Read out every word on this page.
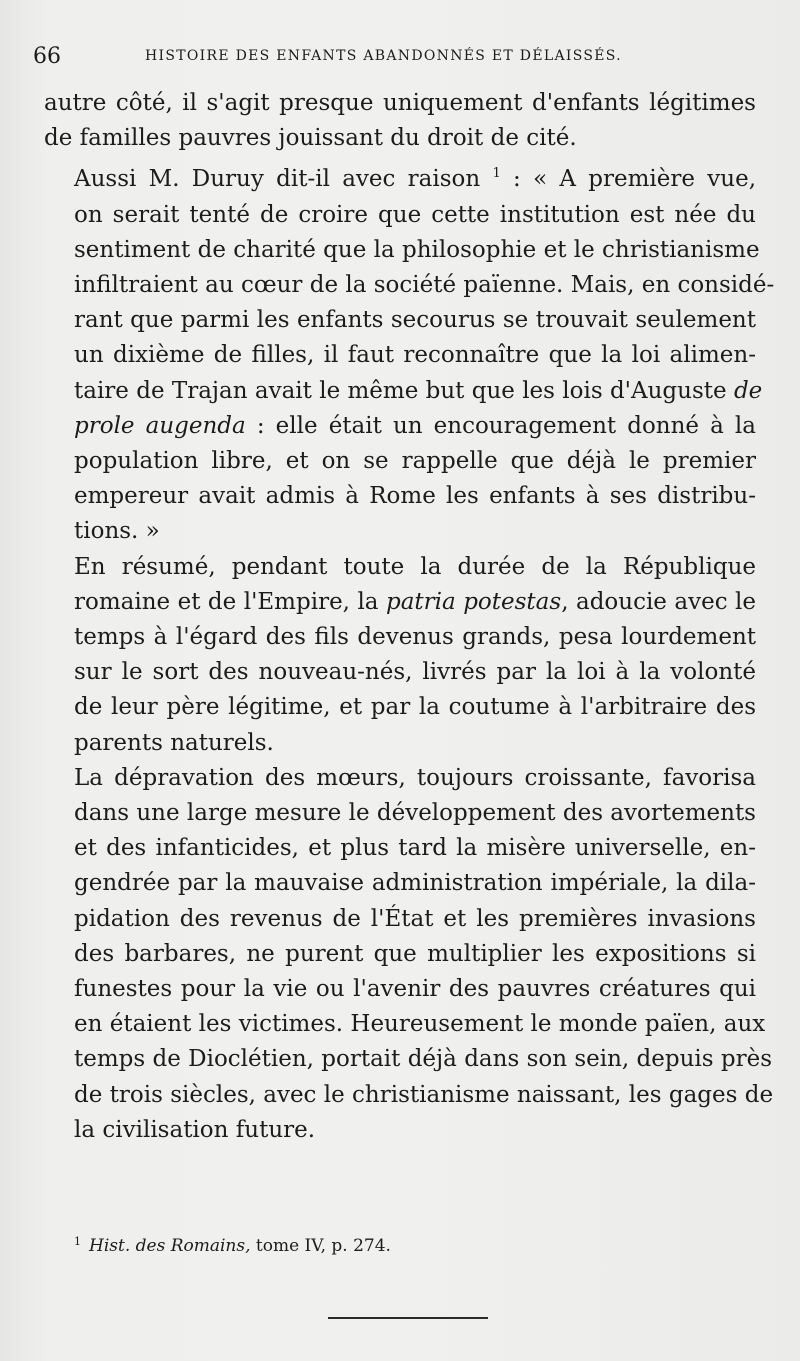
66	HISTOIRE DES ENFANTS ABANDONNÉS ET DÉLAISSÉS.

autre côté, il s'agit presque uniquement d'enfants légitimes
de familles pauvres jouissant du droit de cité.

Aussi M. Duruy dit-il avec raison $^1$ : « A première vue,
on serait tenté de croire que cette institution est née du
sentiment de charité que la philosophie et le christianisme
infiltraient au cœur de la société païenne. Mais, en considé-
rant que parmi les enfants secourus se trouvait seulement
un dixième de filles, il faut reconnaître que la loi alimen-
taire de Trajan avait le même but que les lois d'Auguste de
prole augenda : elle était un encouragement donné à la
population libre, et on se rappelle que déjà le premier
empereur avait admis à Rome les enfants à ses distribu-
tions. »

En résumé, pendant toute la durée de la République
romaine et de l'Empire, la patria potestas, adoucie avec le
temps à l'égard des fils devenus grands, pesa lourdement
sur le sort des nouveau-nés, livrés par la loi à la volonté
de leur père légitime, et par la coutume à l'arbitraire des
parents naturels.

La dépravation des mœurs, toujours croissante, favorisa
dans une large mesure le développement des avortements
et des infanticides, et plus tard la misère universelle, en-
gendrée par la mauvaise administration impériale, la dila-
pidation des revenus de l'État et les premières invasions
des barbares, ne purent que multiplier les expositions si
funestes pour la vie ou l'avenir des pauvres créatures qui
en étaient les victimes. Heureusement le monde païen, aux
temps de Dioclétien, portait déjà dans son sein, depuis près
de trois siècles, avec le christianisme naissant, les gages de
la civilisation future.

$^1$ Hist. des Romains, tome IV, p. 274.
